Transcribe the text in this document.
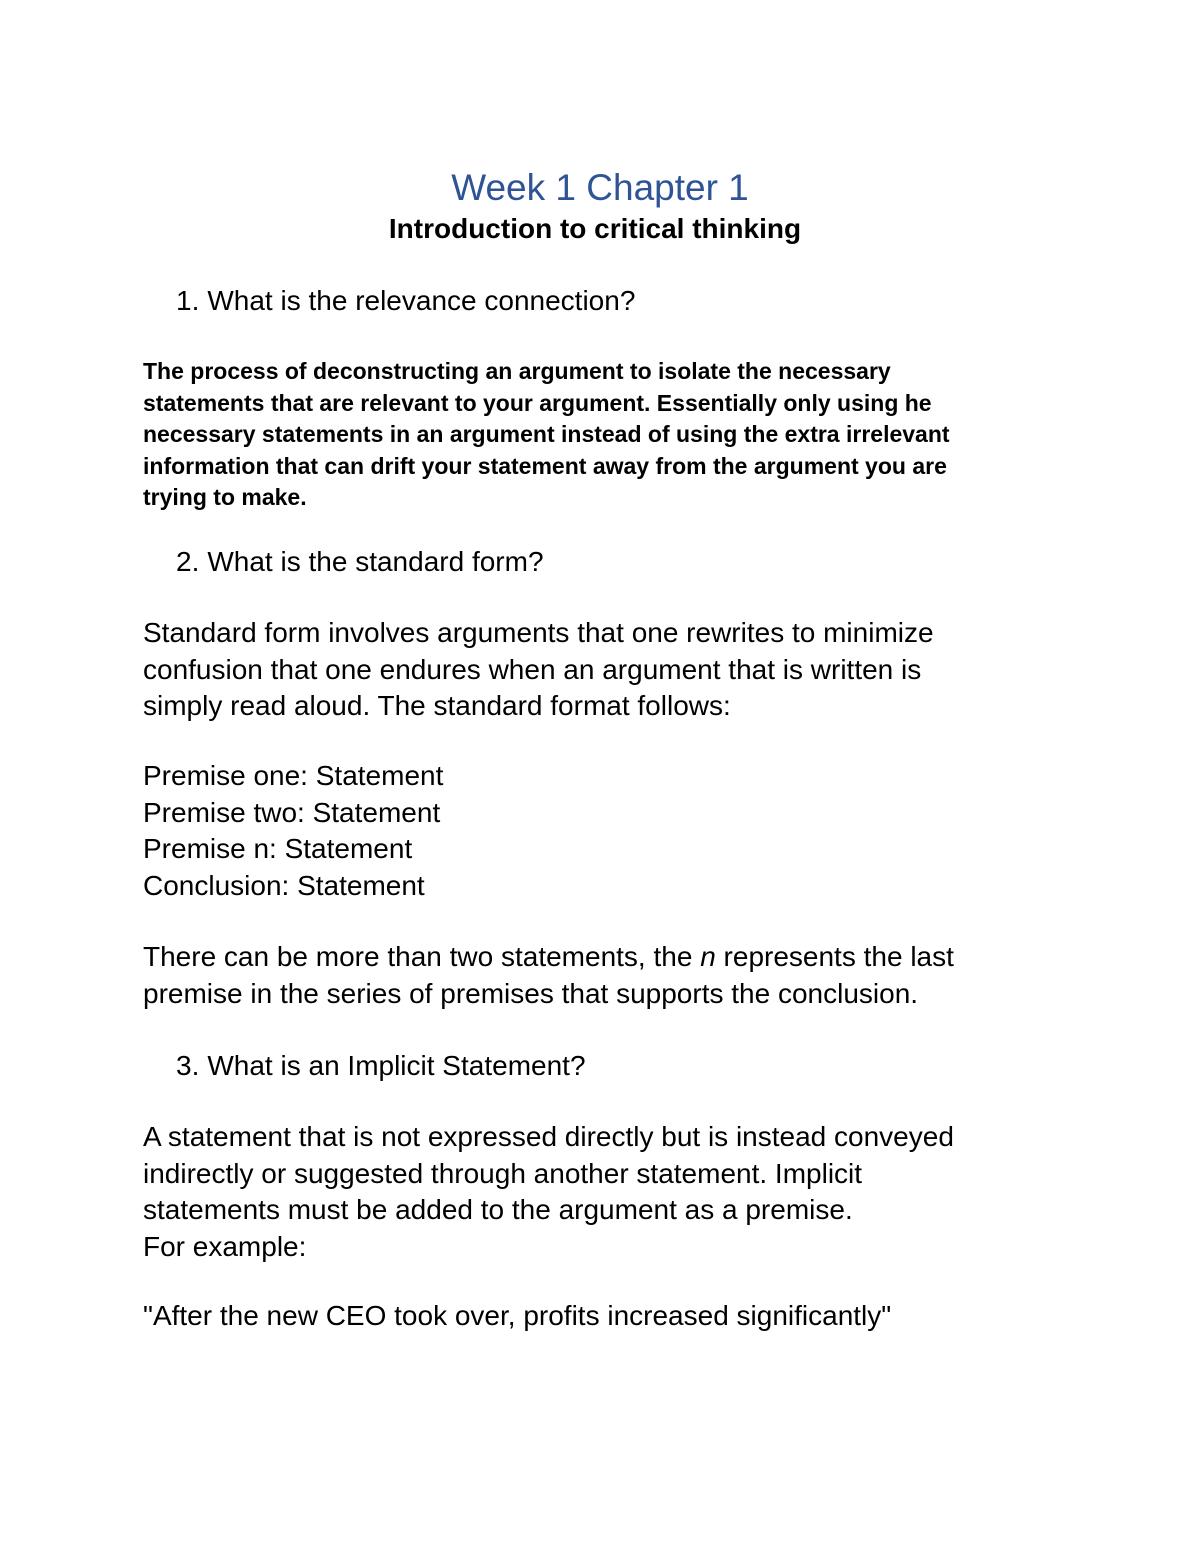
Week 1 Chapter 1
Introduction to critical thinking

1. What is the relevance connection?

The process of deconstructing an argument to isolate the necessary
statements that are relevant to your argument. Essentially only using he
necessary statements in an argument instead of using the extra irrelevant
information that can drift your statement away from the argument you are
trying to make.

2. What is the standard form?

Standard form involves arguments that one rewrites to minimize
confusion that one endures when an argument that is written is
simply read aloud. The standard format follows:
Premise one: Statement
Premise two: Statement
Premise n: Statement
Conclusion: Statement
There can be more than two statements, the n represents the last
premise in the series of premises that supports the conclusion.

3. What is an Implicit Statement?

A statement that is not expressed directly but is instead conveyed
indirectly or suggested through another statement. Implicit
statements must be added to the argument as a premise.
For example:
"After the new CEO took over, profits increased significantly"
